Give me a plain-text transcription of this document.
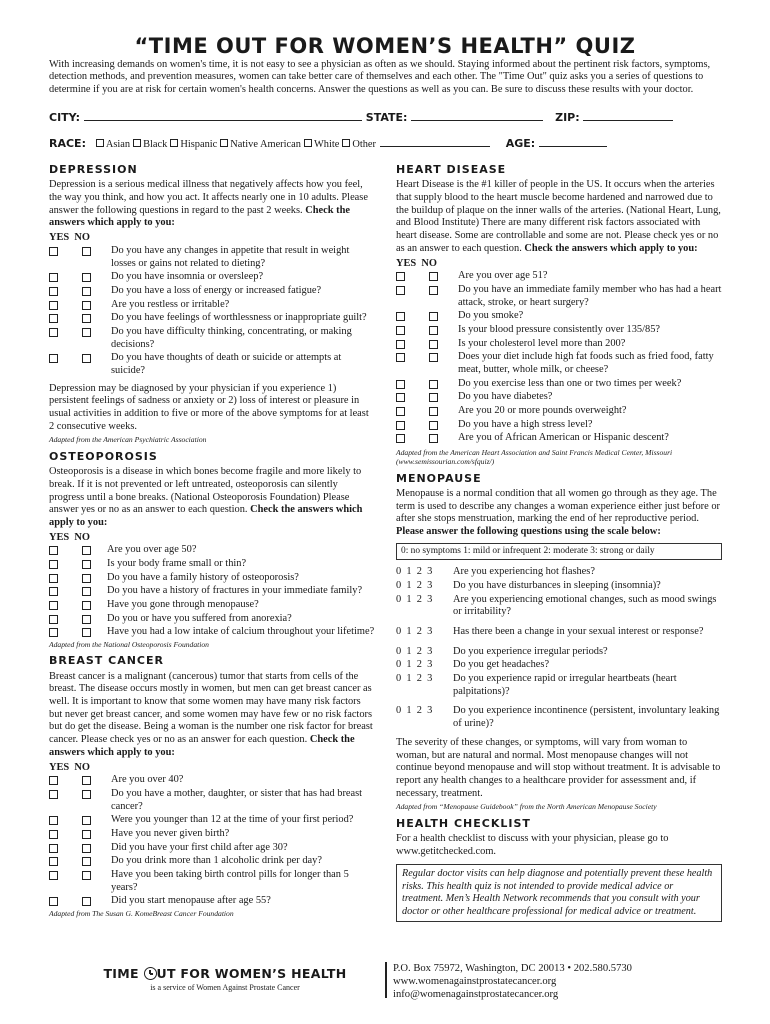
“TIME OUT FOR WOMEN’S HEALTH” QUIZ
With increasing demands on women's time, it is not easy to see a physician as often as we should. Staying informed about the pertinent risk factors, symptoms, detection methods, and prevention measures, women can take better care of themselves and each other. The "Time Out" quiz asks you a series of questions to determine if you are at risk for certain women's health concerns. Answer the questions as well as you can. Be sure to discuss these results with your doctor.
CITY:	STATE:	ZIP:
RACE: Asian Black Hispanic Native American White Other	AGE:
DEPRESSION
Depression is a serious medical illness that negatively affects how you feel, the way you think, and how you act. It affects nearly one in 10 adults. Please answer the following questions in regard to the past 2 weeks. Check the answers which apply to you:
YES NO
Do you have any changes in appetite that result in weight losses or gains not related to dieting?
Do you have insomnia or oversleep?
Do you have a loss of energy or increased fatigue?
Are you restless or irritable?
Do you have feelings of worthlessness or inappropriate guilt?
Do you have difficulty thinking, concentrating, or making decisions?
Do you have thoughts of death or suicide or attempts at suicide?
Depression may be diagnosed by your physician if you experience 1) persistent feelings of sadness or anxiety or 2) loss of interest or pleasure in usual activities in addition to five or more of the above symptoms for at least 2 consecutive weeks.
Adapted from the American Psychiatric Association
OSTEOPOROSIS
Osteoporosis is a disease in which bones become fragile and more likely to break. If it is not prevented or left untreated, osteoporosis can silently progress until a bone breaks. (National Osteoporosis Foundation) Please answer yes or no as an answer to each question. Check the answers which apply to you:
YES NO
Are you over age 50?
Is your body frame small or thin?
Do you have a family history of osteoporosis?
Do you have a history of fractures in your immediate family?
Have you gone through menopause?
Do you or have you suffered from anorexia?
Have you had a low intake of calcium throughout your lifetime?
Adapted from the National Osteoporosis Foundation
BREAST CANCER
Breast cancer is a malignant (cancerous) tumor that starts from cells of the breast. The disease occurs mostly in women, but men can get breast cancer as well. It is important to know that some women may have many risk factors but never get breast cancer, and some women may have few or no risk factors but do get the disease. Being a woman is the number one risk factor for breast cancer. Please check yes or no as an answer for each question. Check the answers which apply to you:
YES NO
Are you over 40?
Do you have a mother, daughter, or sister that has had breast cancer?
Were you younger than 12 at the time of your first period?
Have you never given birth?
Did you have your first child after age 30?
Do you drink more than 1 alcoholic drink per day?
Have you been taking birth control pills for longer than 5 years?
Did you start menopause after age 55?
Adapted from The Susan G. KomeBreast Cancer Foundation
HEART DISEASE
Heart Disease is the #1 killer of people in the US. It occurs when the arteries that supply blood to the heart muscle become hardened and narrowed due to the buildup of plaque on the inner walls of the arteries. (National Heart, Lung, and Blood Institute) There are many different risk factors associated with heart disease. Some are controllable and some are not. Please check yes or no as an answer to each question. Check the answers which apply to you:
YES NO
Are you over age 51?
Do you have an immediate family member who has had a heart attack, stroke, or heart surgery?
Do you smoke?
Is your blood pressure consistently over 135/85?
Is your cholesterol level more than 200?
Does your diet include high fat foods such as fried food, fatty meat, butter, whole milk, or cheese?
Do you exercise less than one or two times per week?
Do you have diabetes?
Are you 20 or more pounds overweight?
Do you have a high stress level?
Are you of African American or Hispanic descent?
Adapted from the American Heart Association and Saint Francis Medical Center, Missouri (www.semissourian.com/sfquiz/)
MENOPAUSE
Menopause is a normal condition that all women go through as they age. The term is used to describe any changes a woman experience either just before or after she stops menstruation, marking the end of her reproductive period. Please answer the following questions using the scale below:
0: no symptoms 1: mild or infrequent 2: moderate 3: strong or daily
0  1  2  3	Are you experiencing hot flashes?
0  1  2  3	Do you have disturbances in sleeping (insomnia)?
0  1  2  3	Are you experiencing emotional changes, such as mood swings or irritability?
0  1  2  3	Has there been a change in your sexual interest or response?
0  1  2  3	Do you experience irregular periods?
0  1  2  3	Do you get headaches?
0  1  2  3	Do you experience rapid or irregular heartbeats (heart palpitations)?
0  1  2  3	Do you experience incontinence (persistent, involuntary leaking of urine)?
The severity of these changes, or symptoms, will vary from woman to woman, but are natural and normal. Most menopause changes will not continue beyond menopause and will stop without treatment. It is advisable to report any health changes to a healthcare provider for assessment and, if necessary, treatment.
Adapted from “Menopause Guidebook” from the North American Menopause Society
HEALTH CHECKLIST
For a health checklist to discuss with your physician, please go to www.getitchecked.com.
Regular doctor visits can help diagnose and potentially prevent these health risks. This health quiz is not intended to provide medical advice or treatment. Men’s Health Network recommends that you consult with your doctor or other healthcare professional for medical advice or treatment.
TIME UT FOR WOMEN’S HEALTH
is a service of Women Against Prostate Cancer
P.O. Box 75972, Washington, DC 20013 • 202.580.5730
www.womenagainstprostatecancer.org
info@womenagainstprostatecancer.org
